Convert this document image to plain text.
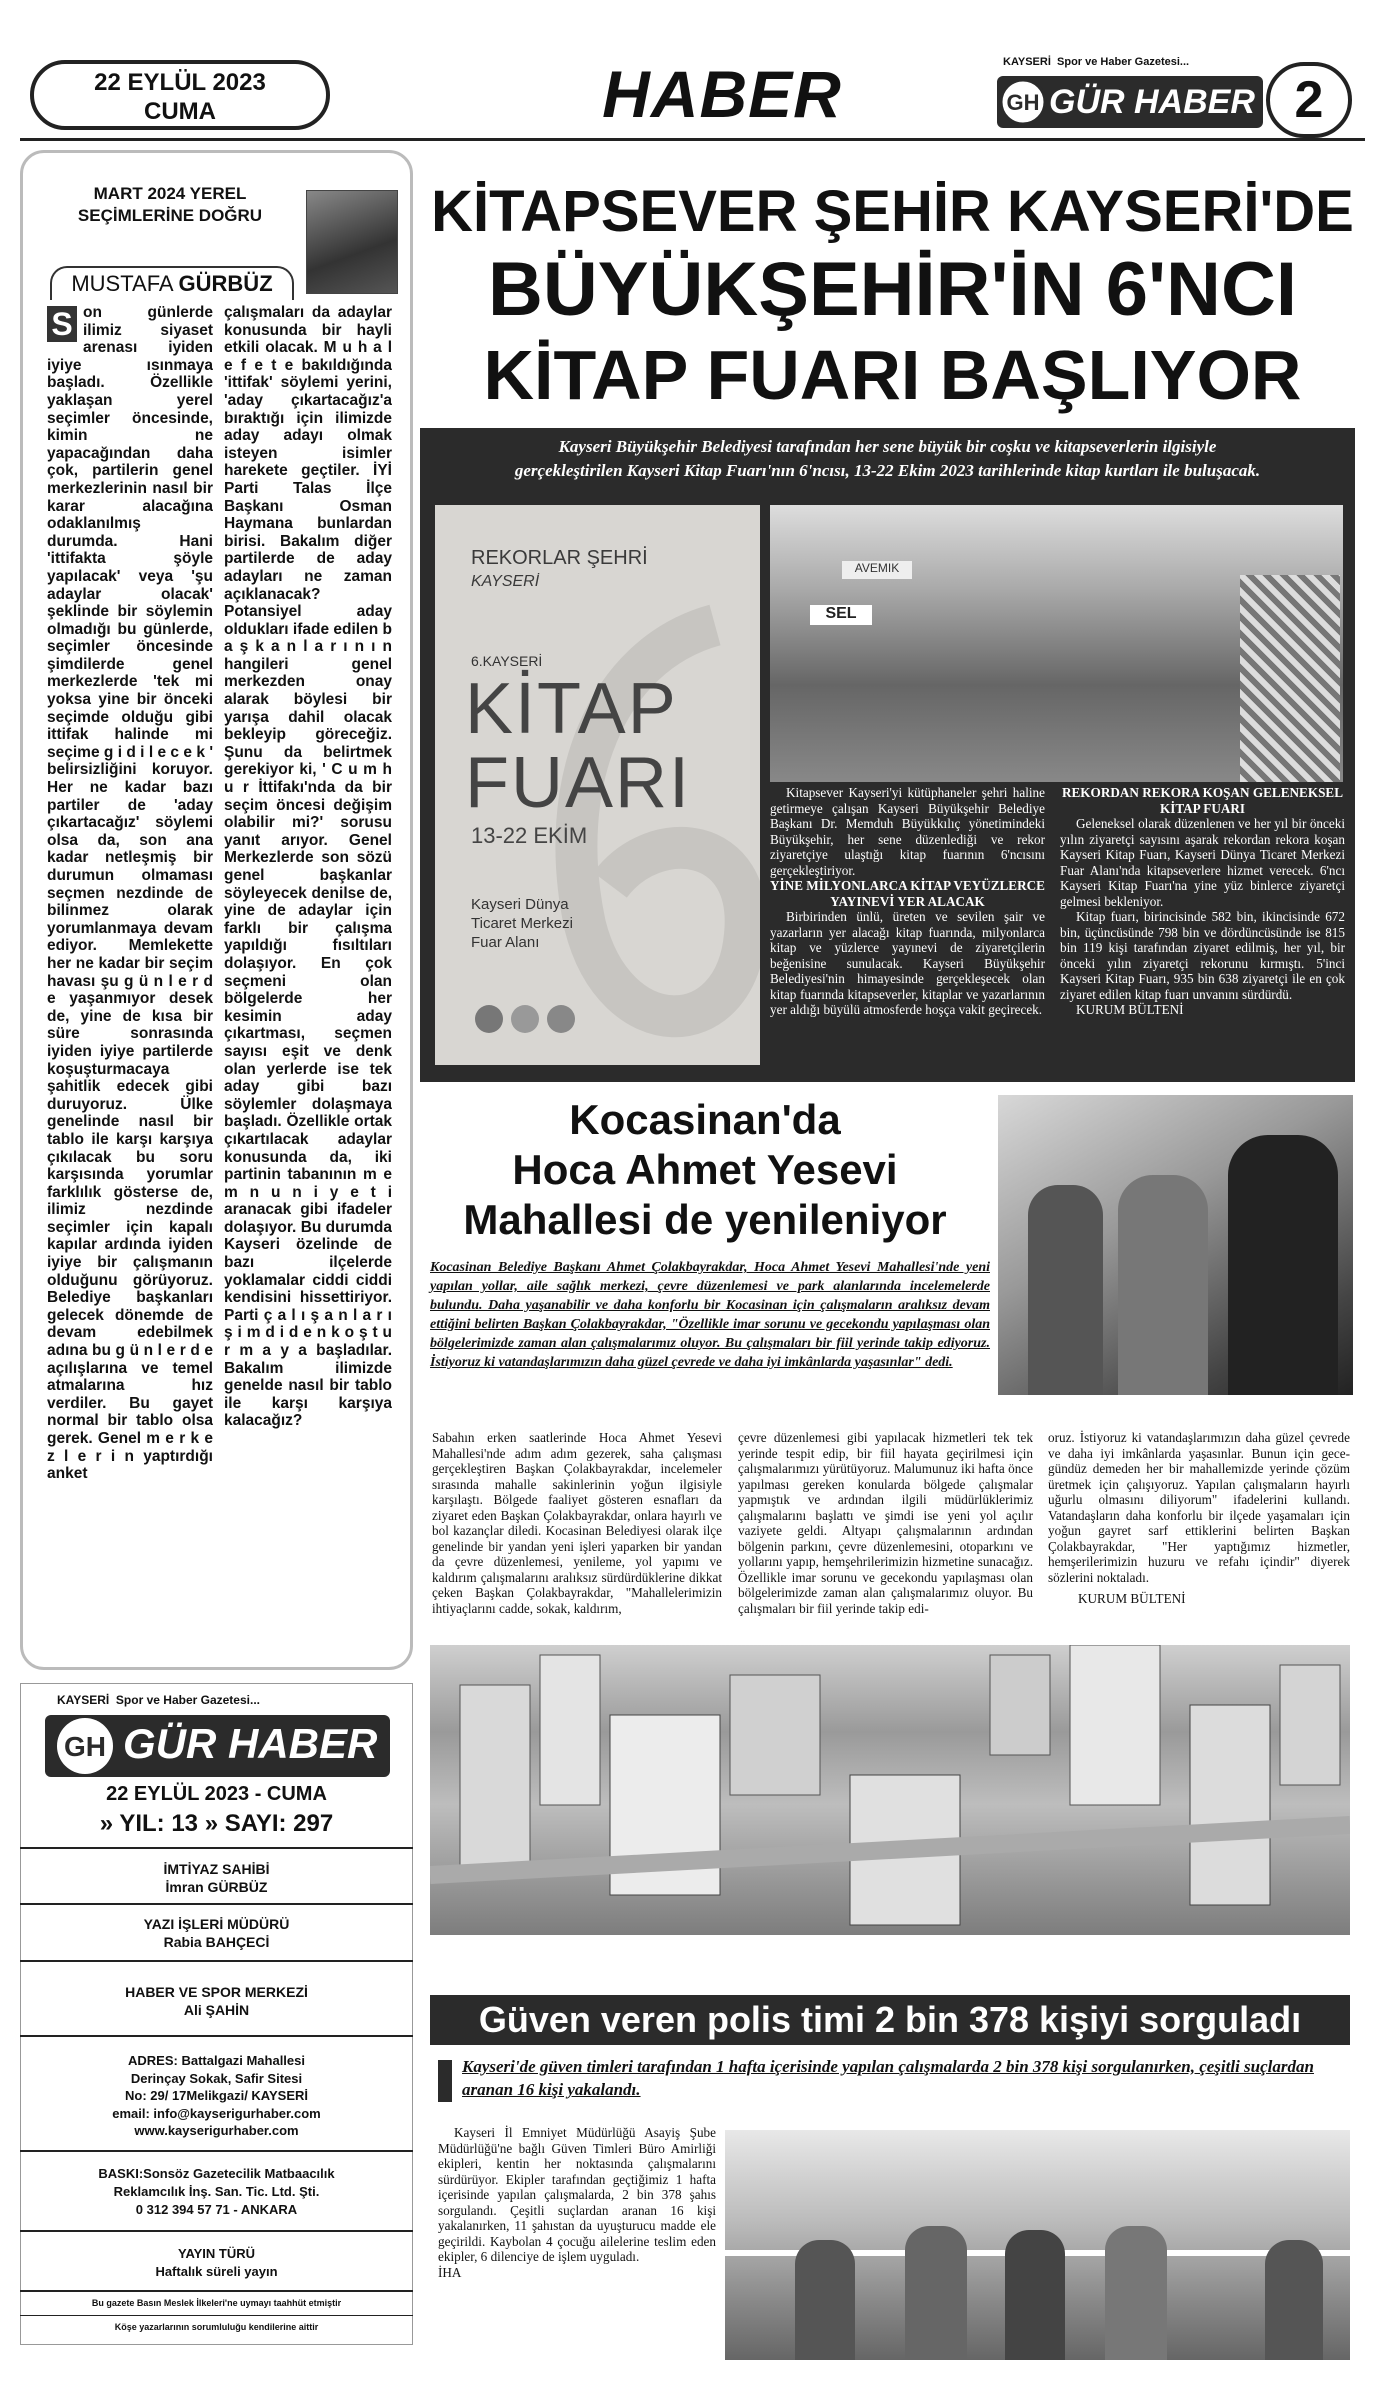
22 EYLÜL 2023
CUMA	HABER	GH
KAYSERİ Spor ve Haber Gazetesi...
GÜR HABER 2
MART 2024 YEREL
SEÇİMLERİNE DOĞRU
MUSTAFA GÜRBÜZ
S on günlerde ilimiz siyaset arenası iyiden iyiye ısınmaya başladı. Özellikle yaklaşan yerel seçimler öncesinde, kimin ne yapacağından daha çok, partilerin genel merkezlerinin nasıl bir karar alacağına odaklanılmış durumda. Hani 'ittifakta şöyle yapılacak' veya 'şu adaylar olacak' şeklinde bir söylemin olmadığı bu günlerde, seçimler öncesinde şimdilerde genel merkezlerde 'tek mi yoksa yine bir önceki seçimde olduğu gibi ittifak halinde mi seçime g i d i l e c e k ' belirsizliğini koruyor. Her ne kadar bazı partiler de 'aday çıkartacağız' söylemi olsa da, son ana kadar netleşmiş bir durumun olmaması seçmen nezdinde de bilinmez olarak yorumlanmaya devam ediyor. Memlekette her ne kadar bir seçim havası şu g ü n l e r d e yaşanmıyor desek de, yine de kısa bir süre sonrasında iyiden iyiye partilerde koşuşturmacaya şahitlik edecek gibi duruyoruz. Ülke genelinde nasıl bir tablo ile karşı karşıya çıkılacak bu soru karşısında yorumlar farklılık gösterse de, ilimiz nezdinde seçimler için kapalı kapılar ardında iyiden iyiye bir çalışmanın olduğunu görüyoruz. Belediye başkanları gelecek dönemde de devam edebilmek adına bu g ü n l e r d e açılışlarına ve temel atmalarına hız verdiler. Bu gayet normal bir tablo olsa gerek. Genel m e r k e z l e r i n yaptırdığı anket
çalışmaları da adaylar konusunda bir hayli etkili olacak. M u h a l e f e t e bakıldığında 'ittifak' söylemi yerini, 'aday çıkartacağız'a bıraktığı için ilimizde aday adayı olmak isteyen isimler harekete geçtiler. İYİ Parti Talas İlçe Başkanı Osman Haymana bunlardan birisi. Bakalım diğer partilerde de aday adayları ne zaman açıklanacak? Potansiyel aday oldukları ifade edilen b a ş k a n l a r ı n ı n hangileri genel merkezden onay alarak böylesi bir yarışa dahil olacak bekleyip göreceğiz. Şunu da belirtmek gerekiyor ki, ' C u m h u r İttifakı'nda da bir seçim öncesi değişim olabilir mi?' sorusu yanıt arıyor. Genel Merkezlerde son sözü genel başkanlar söyleyecek denilse de, yine de adaylar için farklı bir çalışma yapıldığı fısıltıları dolaşıyor. En çok seçmeni olan bölgelerde her kesimin aday çıkartması, seçmen sayısı eşit ve denk olan yerlerde ise tek aday gibi bazı söylemler dolaşmaya başladı. Özellikle ortak çıkartılacak adaylar konusunda da, iki partinin tabanının m e m n u n i y e t i aranacak gibi ifadeler dolaşıyor. Bu durumda Kayseri özelinde de bazı ilçelerde yoklamalar ciddi ciddi kendisini hissettiriyor. Parti ç a l ı ş a n l a r ı ş i m d i d e n k o ş t u r m a y a başladılar. Bakalım ilimizde genelde nasıl bir tablo ile karşı karşıya kalacağız?
KİTAPSEVER ŞEHİR KAYSERİ'DE
BÜYÜKŞEHİR'İN 6'NCI
KİTAP FUARI BAŞLIYOR
Kayseri Büyükşehir Belediyesi tarafından her sene büyük bir coşku ve kitapseverlerin ilgisiyle
gerçekleştirilen Kayseri Kitap Fuarı'nın 6'ncısı, 13-22 Ekim 2023 tarihlerinde kitap kurtları ile buluşacak.
REKORLAR ŞEHRİ
KAYSERİ
6.KAYSERİ
KİTAP
FUARI
13-22 EKİM
Kayseri Dünya
Ticaret Merkezi
Fuar Alanı
SEL
AVEMIK

Kitapsever Kayseri'yi kütüphaneler şehri haline getirmeye çalışan Kayseri Büyükşehir Belediye Başkanı Dr. Memduh Büyükkılıç yönetimindeki Büyükşehir, her sene düzenlediği ve rekor ziyaretçiye ulaştığı kitap fuarının 6'ncısını gerçekleştiriyor.

YİNE MİLYONLARCA KİTAP VEYÜZLERCE YAYINEVİ YER ALACAK

Birbirinden ünlü, üreten ve sevilen şair ve yazarların yer alacağı kitap fuarında, milyonlarca kitap ve yüzlerce yayınevi de ziyaretçilerin beğenisine sunulacak. Kayseri Büyükşehir Belediyesi'nin himayesinde gerçekleşecek olan kitap fuarında kitapseverler, kitaplar ve yazarlarının yer aldığı büyülü atmosferde hoşça vakit geçirecek.

REKORDAN REKORA KOŞAN GELENEKSEL KİTAP FUARI

Geleneksel olarak düzenlenen ve her yıl bir önceki yılın ziyaretçi sayısını aşarak rekordan rekora koşan Kayseri Kitap Fuarı, Kayseri Dünya Ticaret Merkezi Fuar Alanı'nda kitapseverlere hizmet verecek. 6'ncı Kayseri Kitap Fuarı'na yine yüz binlerce ziyaretçi gelmesi bekleniyor.

Kitap fuarı, birincisinde 582 bin, ikincisinde 672 bin, üçüncüsünde 798 bin ve dördüncüsünde ise 815 bin 119 kişi tarafından ziyaret edilmiş, her yıl, bir önceki yılın ziyaretçi rekorunu kırmıştı. 5'inci Kayseri Kitap Fuarı, 935 bin 638 ziyaretçi ile en çok ziyaret edilen kitap fuarı unvanını sürdürdü.

KURUM BÜLTENİ

Kocasinan'da
Hoca Ahmet Yesevi
Mahallesi de yenileniyor
Kocasinan Belediye Başkanı Ahmet Çolakbayrakdar, Hoca Ahmet Yesevi Mahallesi'nde yeni yapılan yollar, aile sağlık merkezi, çevre düzenlemesi ve park alanlarında incelemelerde bulundu. Daha yaşanabilir ve daha konforlu bir Kocasinan için çalışmaların aralıksız devam ettiğini belirten Başkan Çolakbayrakdar, "Özellikle imar sorunu ve gecekondu yapılaşması olan bölgelerimizde zaman alan çalışmalarımız oluyor. Bu çalışmaları bir fiil yerinde takip ediyoruz. İstiyoruz ki vatandaşlarımızın daha güzel çevrede ve daha iyi imkânlarda yaşasınlar" dedi.
Sabahın erken saatlerinde Hoca Ahmet Yesevi Mahallesi'nde adım adım gezerek, saha çalışması gerçekleştiren Başkan Çolakbayrakdar, incelemeler sırasında mahalle sakinlerinin yoğun ilgisiyle karşılaştı. Bölgede faaliyet gösteren esnafları da ziyaret eden Başkan Çolakbayrakdar, onlara hayırlı ve bol kazançlar diledi. Kocasinan Belediyesi olarak ilçe genelinde bir yandan yeni işleri yaparken bir yandan da çevre düzenlemesi, yenileme, yol yapımı ve kaldırım çalışmalarını aralıksız sürdürdüklerine dikkat çeken Başkan Çolakbayrakdar, "Mahallelerimizin ihtiyaçlarını cadde, sokak, kaldırım,
çevre düzenlemesi gibi yapılacak hizmetleri tek tek yerinde tespit edip, bir fiil hayata geçirilmesi için çalışmalarımızı yürütüyoruz. Malumunuz iki hafta önce yapılması gereken konularda bölgede çalışmalar yapmıştık ve ardından ilgili müdürlüklerimiz çalışmalarını başlattı ve şimdi ise yeni yol açılır vaziyete geldi. Altyapı çalışmalarının ardından bölgenin parkını, çevre düzenlemesini, otoparkını ve yollarını yapıp, hemşehrilerimizin hizmetine sunacağız. Özellikle imar sorunu ve gecekondu yapılaşması olan bölgelerimizde zaman alan çalışmalarımız oluyor. Bu çalışmaları bir fiil yerinde takip edi-

oruz. İstiyoruz ki vatandaşlarımızın daha güzel çevrede ve daha iyi imkânlarda yaşasınlar. Bunun için gece-gündüz demeden her bir mahallemizde yerinde çözüm üretmek için çalışıyoruz. Yapılan çalışmaların hayırlı uğurlu olmasını diliyorum" ifadelerini kullandı. Vatandaşların daha konforlu bir ilçede yaşamaları için yoğun gayret sarf ettiklerini belirten Başkan Çolakbayrakdar, "Her yaptığımız hizmetler, hemşerilerimizin huzuru ve refahı içindir" diyerek sözlerini noktaladı.

KURUM BÜLTENİ

KAYSERİ Spor ve Haber Gazetesi...
GH GÜR HABER
22 EYLÜL 2023 - CUMA
» YIL: 13 » SAYI: 297
İMTİYAZ SAHİBİ
İmran GÜRBÜZ
YAZI İŞLERİ MÜDÜRÜ
Rabia BAHÇECİ
HABER VE SPOR MERKEZİ
Ali ŞAHİN
ADRES: Battalgazi Mahallesi
Derinçay Sokak, Safir Sitesi
No: 29/ 17Melikgazi/ KAYSERİ
email: info@kayserigurhaber.com
www.kayserigurhaber.com
BASKI:Sonsöz Gazetecilik Matbaacılık
Reklamcılık İnş. San. Tic. Ltd. Şti.
0 312 394 57 71 - ANKARA
YAYIN TÜRÜ
Haftalık süreli yayın
Bu gazete Basın Meslek İlkeleri'ne uymayı taahhüt etmiştir
Köşe yazarlarının sorumluluğu kendilerine aittir
Güven veren polis timi 2 bin 378 kişiyi sorguladı
Kayseri'de güven timleri tarafından 1 hafta içerisinde yapılan çalışmalarda 2 bin 378 kişi sorgulanırken, çeşitli suçlardan aranan 16 kişi yakalandı.

Kayseri İl Emniyet Müdürlüğü Asayiş Şube Müdürlüğü'ne bağlı Güven Timleri Büro Amirliği ekipleri, kentin her noktasında çalışmalarını sürdürüyor. Ekipler tarafından geçtiğimiz 1 hafta içerisinde yapılan çalışmalarda, 2 bin 378 şahıs sorgulandı. Çeşitli suçlardan aranan 16 kişi yakalanırken, 11 şahıstan da uyuşturucu madde ele geçirildi. Kaybolan 4 çocuğu ailelerine teslim eden ekipler, 6 dilenciye de işlem uyguladı.

İHA
